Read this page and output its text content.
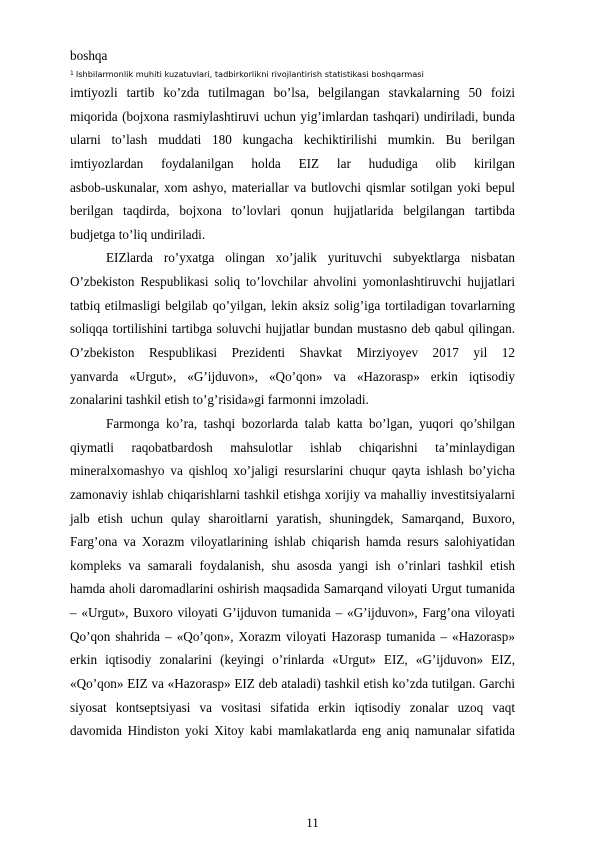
boshqa
$^1$ Ishbilarmonlik muhiti kuzatuvlari, tadbirkorlikni rivojlantirish statistikasi boshqarmasi
imtiyozli tartib ko’zda tutilmagan bo’lsa, belgilangan stavkalarning 50 foizi
miqorida (bojxona rasmiylashtiruvi uchun yig’imlardan tashqari) undiriladi, bunda
ularni to’lash muddati 180 kungacha kechiktirilishi mumkin. Bu berilgan
imtiyozlardan foydalanilgan holda EIZ lar hududiga olib kirilgan
asbob-uskunalar, xom ashyo, materiallar va butlovchi qismlar sotilgan yoki bepul
berilgan taqdirda, bojxona to’lovlari qonun hujjatlarida belgilangan tartibda
budjetga to’liq undiriladi.
EIZlarda ro’yxatga olingan xo’jalik yurituvchi subyektlarga nisbatan
O’zbekiston Respublikasi soliq to’lovchilar ahvolini yomonlashtiruvchi hujjatlari
tatbiq etilmasligi belgilab qo’yilgan, lekin aksiz solig’iga tortiladigan tovarlarning
soliqqa tortilishini tartibga soluvchi hujjatlar bundan mustasno deb qabul qilingan.
O’zbekiston Respublikasi Prezidenti Shavkat Mirziyoyev 2017 yil 12
yanvarda «Urgut», «G’ijduvon», «Qo’qon» va «Hazorasp» erkin iqtisodiy
zonalarini tashkil etish to’g’risida»gi farmonni imzoladi.
Farmonga ko’ra, tashqi bozorlarda talab katta bo’lgan, yuqori qo’shilgan
qiymatli raqobatbardosh mahsulotlar ishlab chiqarishni ta’minlaydigan
mineralxomashyo va qishloq xo’jaligi resurslarini chuqur qayta ishlash bo’yicha
zamonaviy ishlab chiqarishlarni tashkil etishga xorijiy va mahalliy investitsiyalarni
jalb etish uchun qulay sharoitlarni yaratish, shuningdek, Samarqand, Buxoro,
Farg’ona va Xorazm viloyatlarining ishlab chiqarish hamda resurs salohiyatidan
kompleks va samarali foydalanish, shu asosda yangi ish o’rinlari tashkil etish
hamda aholi daromadlarini oshirish maqsadida Samarqand viloyati Urgut tumanida
– «Urgut», Buxoro viloyati G’ijduvon tumanida – «G’ijduvon», Farg’ona viloyati
Qo’qon shahrida – «Qo’qon», Xorazm viloyati Hazorasp tumanida – «Hazorasp»
erkin iqtisodiy zonalarini (keyingi o’rinlarda «Urgut» EIZ, «G’ijduvon» EIZ,
«Qo’qon» EIZ va «Hazorasp» EIZ deb ataladi) tashkil etish ko’zda tutilgan. Garchi
siyosat kontseptsiyasi va vositasi sifatida erkin iqtisodiy zonalar uzoq vaqt
davomida Hindiston yoki Xitoy kabi mamlakatlarda eng aniq namunalar sifatida
11
